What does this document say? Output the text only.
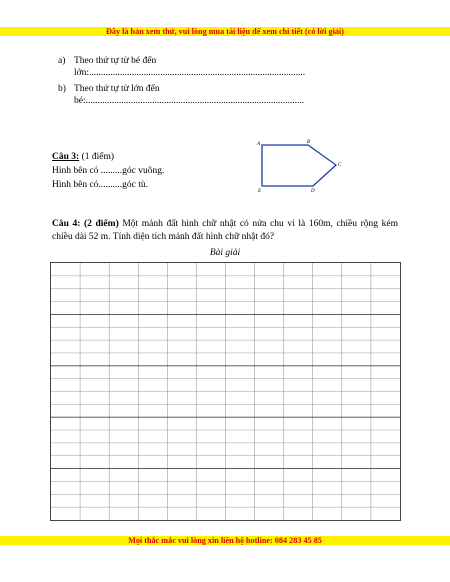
Đây là bản xem thử, vui lòng mua tài liệu để xem chi tiết (có lời giải)
a) Theo thứ tự từ bé đến
lớn:...........................................................................................
b) Theo thứ tự từ lớn đến
bé:............................................................................................
Câu 3: (1 điểm)
Hình bên có .........góc vuông.
Hình bên có..........góc tù.
A	B
C
D
E
Câu 4: (2 điểm) Một mảnh đất hình chữ nhật có nửa chu vi là 160m, chiều rộng kém chiều dài 52 m. Tính diện tích mảnh đất hình chữ nhật đó?
Bài giải
Mọi thắc mắc vui lòng xin liên hệ hotline: 084 283 45 85
